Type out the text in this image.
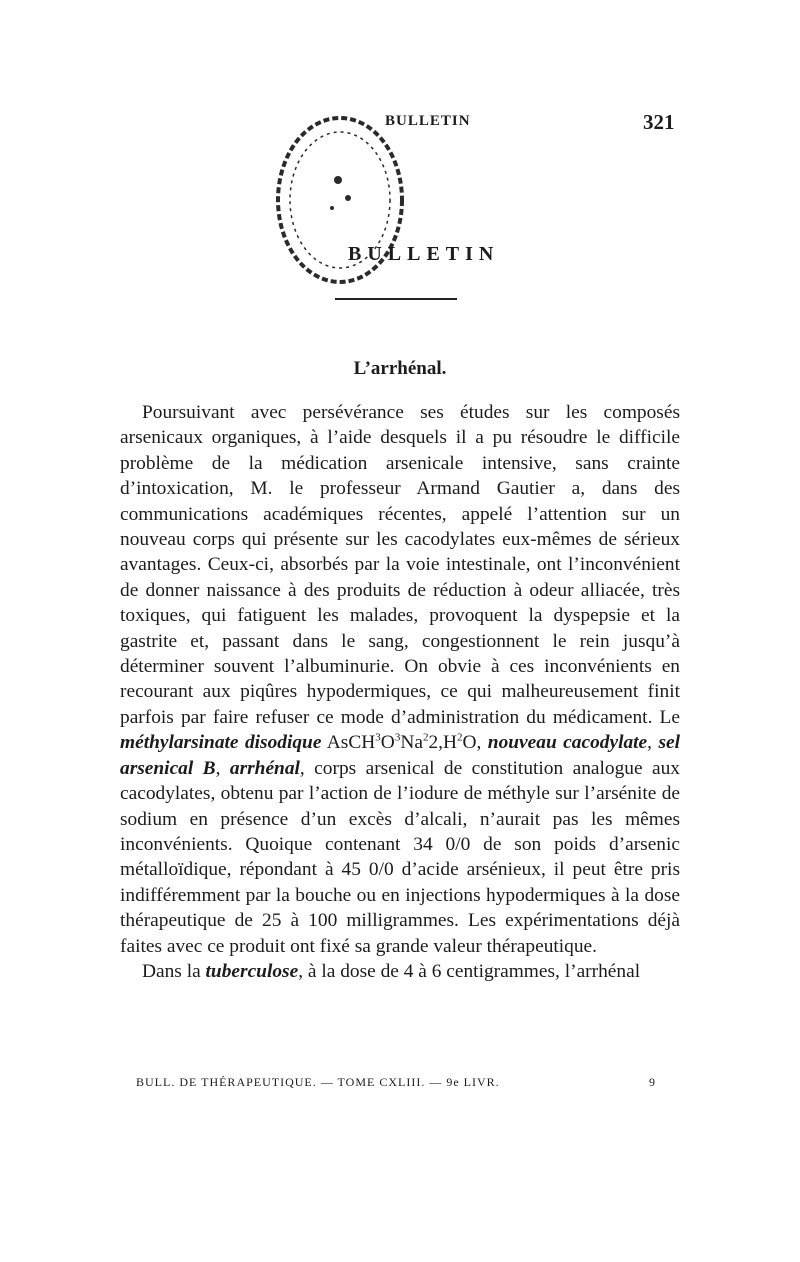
BULLETIN	321
BULLETIN
L’arrhénal.

Poursuivant avec persévérance ses études sur les composés arsenicaux organiques, à l’aide desquels il a pu résoudre le difficile problème de la médication arsenicale intensive, sans crainte d’intoxication, M. le professeur Armand Gautier a, dans des communications académiques récentes, appelé l’attention sur un nouveau corps qui présente sur les cacodylates eux-mêmes de sérieux avantages. Ceux-ci, absorbés par la voie intestinale, ont l’inconvénient de donner naissance à des produits de réduction à odeur alliacée, très toxiques, qui fatiguent les malades, provoquent la dyspepsie et la gastrite et, passant dans le sang, congestionnent le rein jusqu’à déterminer souvent l’albuminurie. On obvie à ces inconvénients en recourant aux piqûres hypodermiques, ce qui malheureusement finit parfois par faire refuser ce mode d’administration du médicament. Le méthylarsinate disodique $AsCH^3O^3Na^22,H^2O$, nouveau cacodylate, sel arsenical B, arrhénal, corps arsenical de constitution analogue aux cacodylates, obtenu par l’action de l’iodure de méthyle sur l’arsénite de sodium en présence d’un excès d’alcali, n’aurait pas les mêmes inconvénients. Quoique contenant 34 0/0 de son poids d’arsenic métalloïdique, répondant à 45 0/0 d’acide arsénieux, il peut être pris indifféremment par la bouche ou en injections hypodermiques à la dose thérapeutique de 25 à 100 milligrammes. Les expérimentations déjà faites avec ce produit ont fixé sa grande valeur thérapeutique.

Dans la tuberculose, à la dose de 4 à 6 centigrammes, l’arrhénal

BULL. DE THÉRAPEUTIQUE. — TOME CXLIII. — 9e LIVR.	9
